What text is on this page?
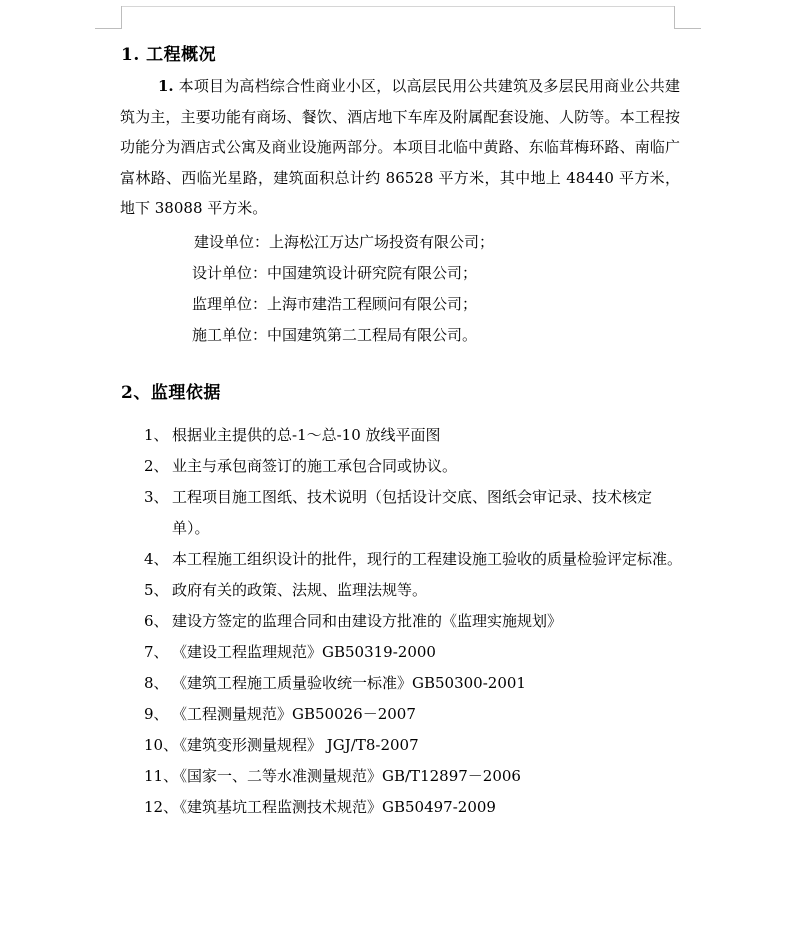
1. 工程概况
1. 本项目为高档综合性商业小区，以高层民用公共建筑及多层民用商业公共建筑为主，主要功能有商场、餐饮、酒店地下车库及附属配套设施、人防等。本工程按功能分为酒店式公寓及商业设施两部分。本项目北临中黄路、东临茸梅环路、南临广富林路、西临光星路，建筑面积总计约 86528 平方米，其中地上 48440 平方米，地下 38088 平方米。
建设单位：上海松江万达广场投资有限公司；
设计单位：中国建筑设计研究院有限公司；
监理单位：上海市建浩工程顾问有限公司；
施工单位：中国建筑第二工程局有限公司。
2、监理依据
1、 根据业主提供的总-1～总-10 放线平面图
2、 业主与承包商签订的施工承包合同或协议。
3、 工程项目施工图纸、技术说明（包括设计交底、图纸会审记录、技术核定单）。
4、 本工程施工组织设计的批件，现行的工程建设施工验收的质量检验评定标准。
5、 政府有关的政策、法规、监理法规等。
6、 建设方签定的监理合同和由建设方批准的《监理实施规划》
7、 《建设工程监理规范》GB50319-2000
8、 《建筑工程施工质量验收统一标准》GB50300-2001
9、 《工程测量规范》GB50026－2007
10、
《建筑变形测量规程》 JGJ/T8-2007
11、
《国家一、二等水准测量规范》GB/T12897－2006
12、
《建筑基坑工程监测技术规范》GB50497-2009
